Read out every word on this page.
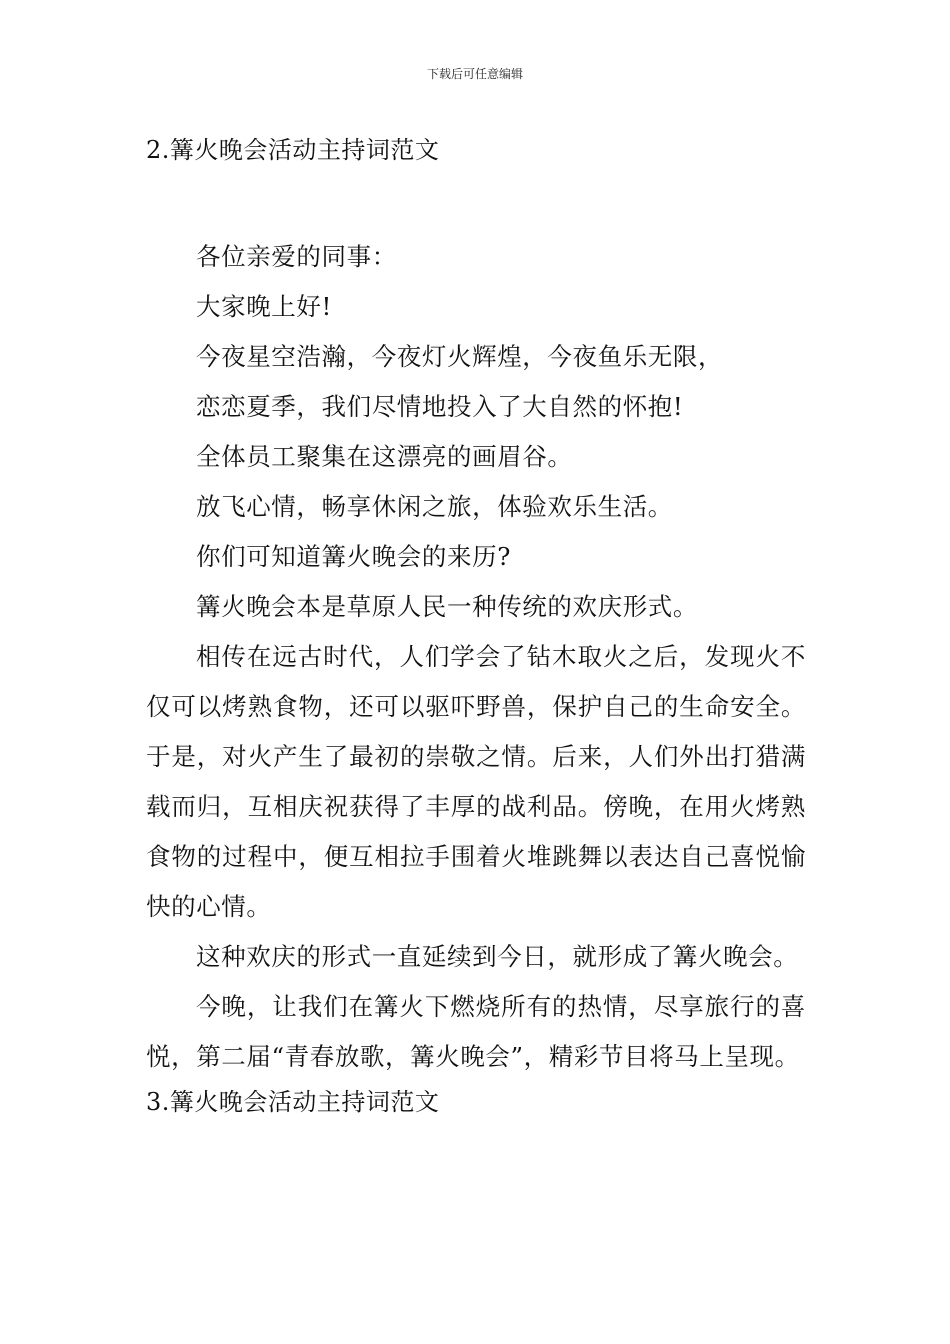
下载后可任意编辑
2.篝火晚会活动主持词范文

各位亲爱的同事：

大家晚上好!

今夜星空浩瀚，今夜灯火辉煌，今夜鱼乐无限，

恋恋夏季，我们尽情地投入了大自然的怀抱!

全体员工聚集在这漂亮的画眉谷。

放飞心情，畅享休闲之旅，体验欢乐生活。

你们可知道篝火晚会的来历?

篝火晚会本是草原人民一种传统的欢庆形式。

相传在远古时代，人们学会了钻木取火之后，发现火不仅可以烤熟食物，还可以驱吓野兽，保护自己的生命安全。于是，对火产生了最初的崇敬之情。后来，人们外出打猎满载而归，互相庆祝获得了丰厚的战利品。傍晚，在用火烤熟食物的过程中，便互相拉手围着火堆跳舞以表达自己喜悦愉快的心情。

这种欢庆的形式一直延续到今日，就形成了篝火晚会。

今晚，让我们在篝火下燃烧所有的热情，尽享旅行的喜悦，第二届“青春放歌，篝火晚会”，精彩节目将马上呈现。

3.篝火晚会活动主持词范文
